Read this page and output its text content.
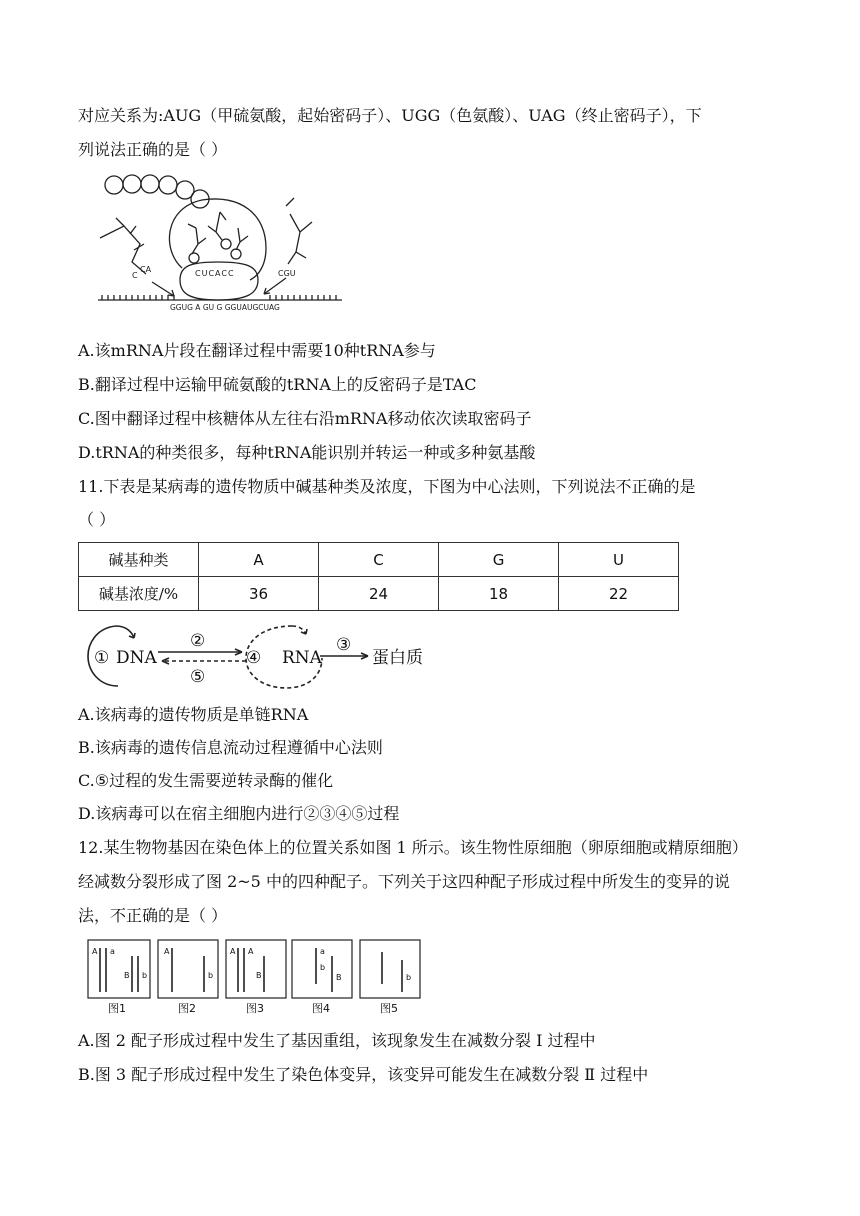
对应关系为:AUG（甲硫氨酸，起始密码子）、UGG（色氨酸）、UAG（终止密码子），下
列说法正确的是（ ）
C
CA	CUCACC
GGUG A GU G GGUAUGCUAG
CGU
A.该mRNA片段在翻译过程中需要10种tRNA参与
B.翻译过程中运输甲硫氨酸的tRNA上的反密码子是TAC
C.图中翻译过程中核糖体从左往右沿mRNA移动依次读取密码子
D.tRNA的种类很多，每种tRNA能识别并转运一种或多种氨基酸
11.下表是某病毒的遗传物质中碱基种类及浓度，下图为中心法则，下列说法不正确的是
（ ）
碱基种类	A	C	G	U
碱基浓度/%	36	24	18	22
① DNA
②
⑤
④ RNA
③
蛋白质
A.该病毒的遗传物质是单链RNA
B.该病毒的遗传信息流动过程遵循中心法则
C.⑤过程的发生需要逆转录酶的催化
D.该病毒可以在宿主细胞内进行②③④⑤过程
12.某生物物基因在染色体上的位置关系如图 1 所示。该生物性原细胞（卵原细胞或精原细胞）
经减数分裂形成了图 2~5 中的四种配子。下列关于这四种配子形成过程中所发生的变异的说
法，不正确的是（ ）
A a
B b
A
b
A A
B
a
b
B	b
图1	图2	图3	图4	图5
A.图 2 配子形成过程中发生了基因重组，该现象发生在减数分裂 Ⅰ 过程中
B.图 3 配子形成过程中发生了染色体变异，该变异可能发生在减数分裂 Ⅱ 过程中
